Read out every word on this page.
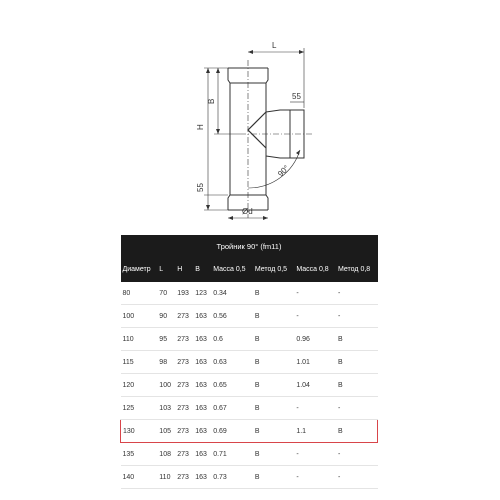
L
55
H
B
55
90°
Ød
Тройник 90° (fm11)							
Диаметр	L	H	B	Масса 0,5	Метод 0,5	Масса 0,8	Метод 0,8
80	70	193	123	0.34	B	-	-
100	90	273	163	0.56	B	-	-
110	95	273	163	0.6	B	0.96	B
115	98	273	163	0.63	B	1.01	B
120	100	273	163	0.65	B	1.04	B
125	103	273	163	0.67	B	-	-
130	105	273	163	0.69	B	1.1	B
135	108	273	163	0.71	B	-	-
140	110	273	163	0.73	B	-	-
